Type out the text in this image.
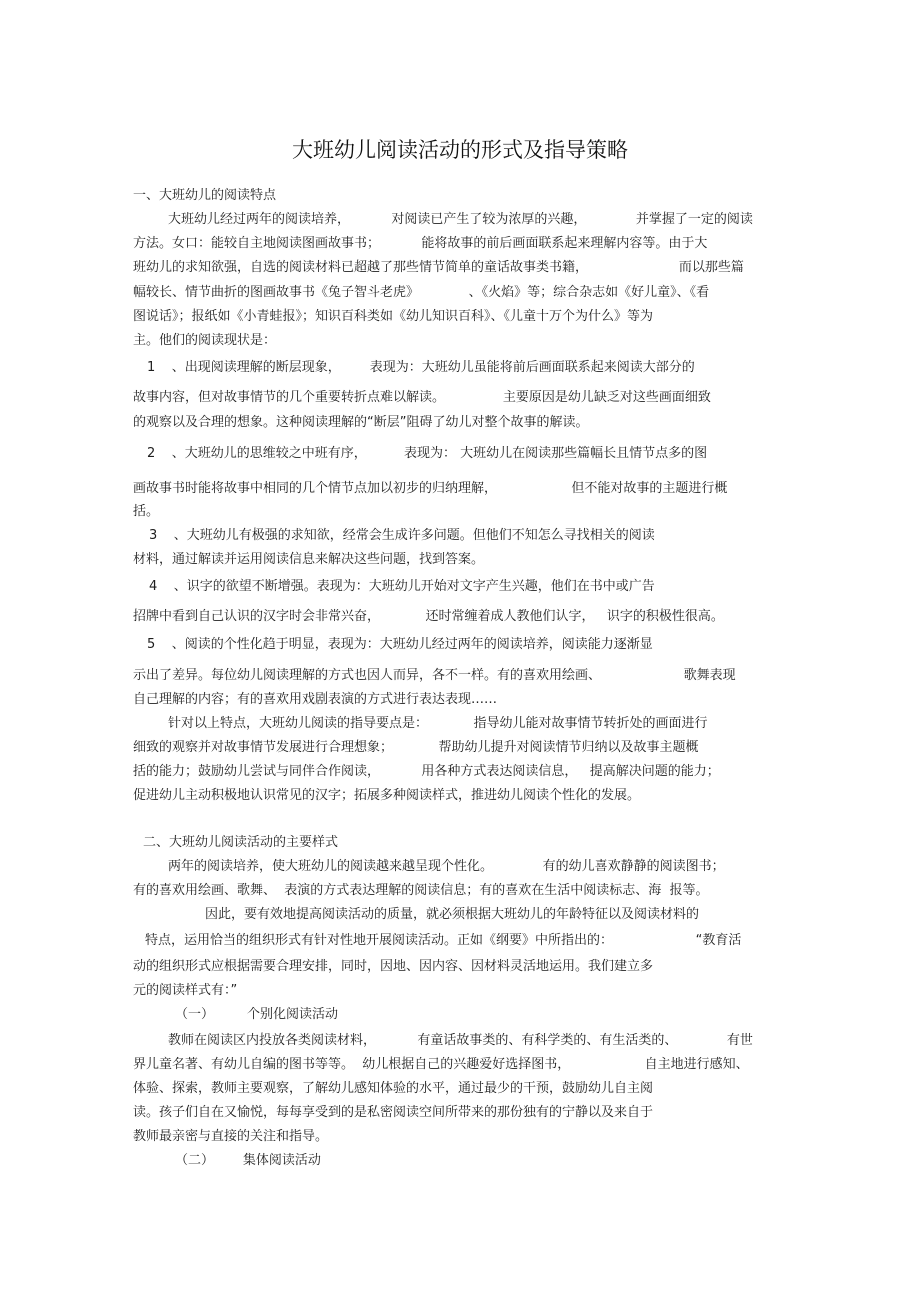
大班幼儿阅读活动的形式及指导策略
一、大班幼儿的阅读特点
大班幼儿经过两年的阅读培养，          对阅读已产生了较为浓厚的兴趣，            并掌握了一定的阅读
方法。女口：能较自主地阅读图画故事书；          能将故事的前后画面联系起来理解内容等。由于大
班幼儿的求知欲强，自选的阅读材料已超越了那些情节简单的童话故事类书籍，                      而以那些篇
幅较长、情节曲折的图画故事书《兔子智斗老虎》            、《火焰》等；综合杂志如《好儿童》、《看
图说话》；报纸如《小青蛙报》；知识百科类如《幼儿知识百科》、《儿童十万个为什么》等为
主。他们的阅读现状是：
1    、出现阅读理解的断层现象，       表现为：大班幼儿虽能将前后画面联系起来阅读大部分的
故事内容，但对故事情节的几个重要转折点难以解读。              主要原因是幼儿缺乏对这些画面细致
的观察以及合理的想象。这种阅读理解的“断层”阻碍了幼儿对整个故事的解读。
2    、大班幼儿的思维较之中班有序，         表现为： 大班幼儿在阅读那些篇幅长且情节点多的图
画故事书时能将故事中相同的几个情节点加以初步的归纳理解，                  但不能对故事的主题进行概
括。
3    、大班幼儿有极强的求知欲，经常会生成许多问题。但他们不知怎么寻找相关的阅读
材料，通过解读并运用阅读信息来解决这些问题，找到答案。
4    、识字的欲望不断增强。表现为：大班幼儿开始对文字产生兴趣，他们在书中或广告
招牌中看到自己认识的汉字时会非常兴奋，           还时常缠着成人教他们认字，   识字的积极性很高。
5    、阅读的个性化趋于明显，表现为：大班幼儿经过两年的阅读培养，阅读能力逐渐显
示出了差异。每位幼儿阅读理解的方式也因人而异，各不一样。有的喜欢用绘画、                    歌舞表现
自己理解的内容；有的喜欢用戏剧表演的方式进行表达表现……
针对以上特点，大班幼儿阅读的指导要点是：           指导幼儿能对故事情节转折处的画面进行
细致的观察并对故事情节发展进行合理想象；           帮助幼儿提升对阅读情节归纳以及故事主题概
括的能力；鼓励幼儿尝试与同伴合作阅读，          用各种方式表达阅读信息，   提高解决问题的能力；
促进幼儿主动积极地认识常见的汉字；拓展多种阅读样式，推进幼儿阅读个性化的发展。
二、大班幼儿阅读活动的主要样式
两年的阅读培养，使大班幼儿的阅读越来越呈现个性化。            有的幼儿喜欢静静的阅读图书；
有的喜欢用绘画、歌舞、  表演的方式表达理解的阅读信息；有的喜欢在生活中阅读标志、海  报等。
因此，要有效地提高阅读活动的质量，就必须根据大班幼儿的年龄特征以及阅读材料的
特点，运用恰当的组织形式有针对性地开展阅读活动。正如《纲要》中所指出的：                    “教育活
动的组织形式应根据需要合理安排，同时，因地、因内容、因材料灵活地运用。我们建立多
元的阅读样式有：”
（一）        个别化阅读活动
教师在阅读区内投放各类阅读材料，          有童话故事类的、有科学类的、有生活类的、            有世
界儿童名著、有幼儿自编的图书等等。  幼儿根据自己的兴趣爱好选择图书，                  自主地进行感知、
体验、探索，教师主要观察，了解幼儿感知体验的水平，通过最少的干预，鼓励幼儿自主阅
读。孩子们自在又愉悦，每每享受到的是私密阅读空间所带来的那份独有的宁静以及来自于
教师最亲密与直接的关注和指导。
（二）       集体阅读活动
